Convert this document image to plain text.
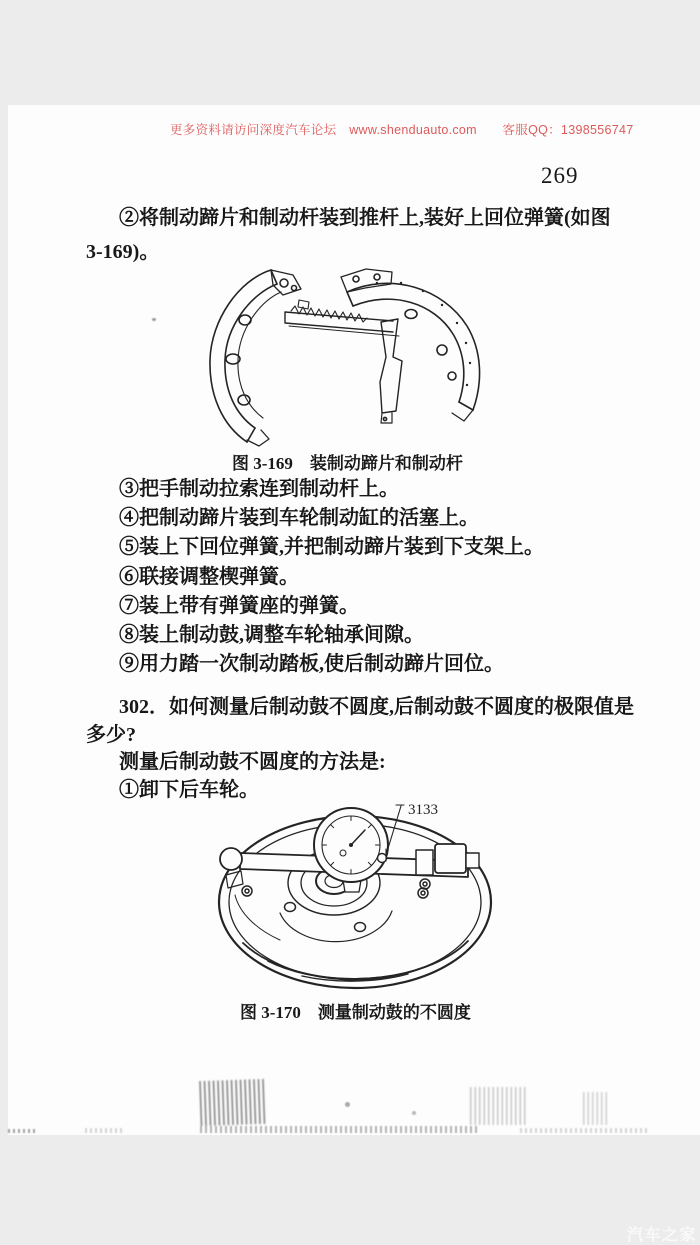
更多资料请访问深度汽车论坛　www.shenduauto.com　　客服QQ：1398556747
269
②将制动蹄片和制动杆装到推杆上,装好上回位弹簧(如图
3-169)。
图 3-169　装制动蹄片和制动杆
③把手制动拉索连到制动杆上。
④把制动蹄片装到车轮制动缸的活塞上。
⑤装上下回位弹簧,并把制动蹄片装到下支架上。
⑥联接调整楔弹簧。
⑦装上带有弹簧座的弹簧。
⑧装上制动鼓,调整车轮轴承间隙。
⑨用力踏一次制动踏板,使后制动蹄片回位。
302．如何测量后制动鼓不圆度,后制动鼓不圆度的极限值是
多少?
测量后制动鼓不圆度的方法是:
①卸下后车轮。
3133
图 3-170　测量制动鼓的不圆度
汽车之家
